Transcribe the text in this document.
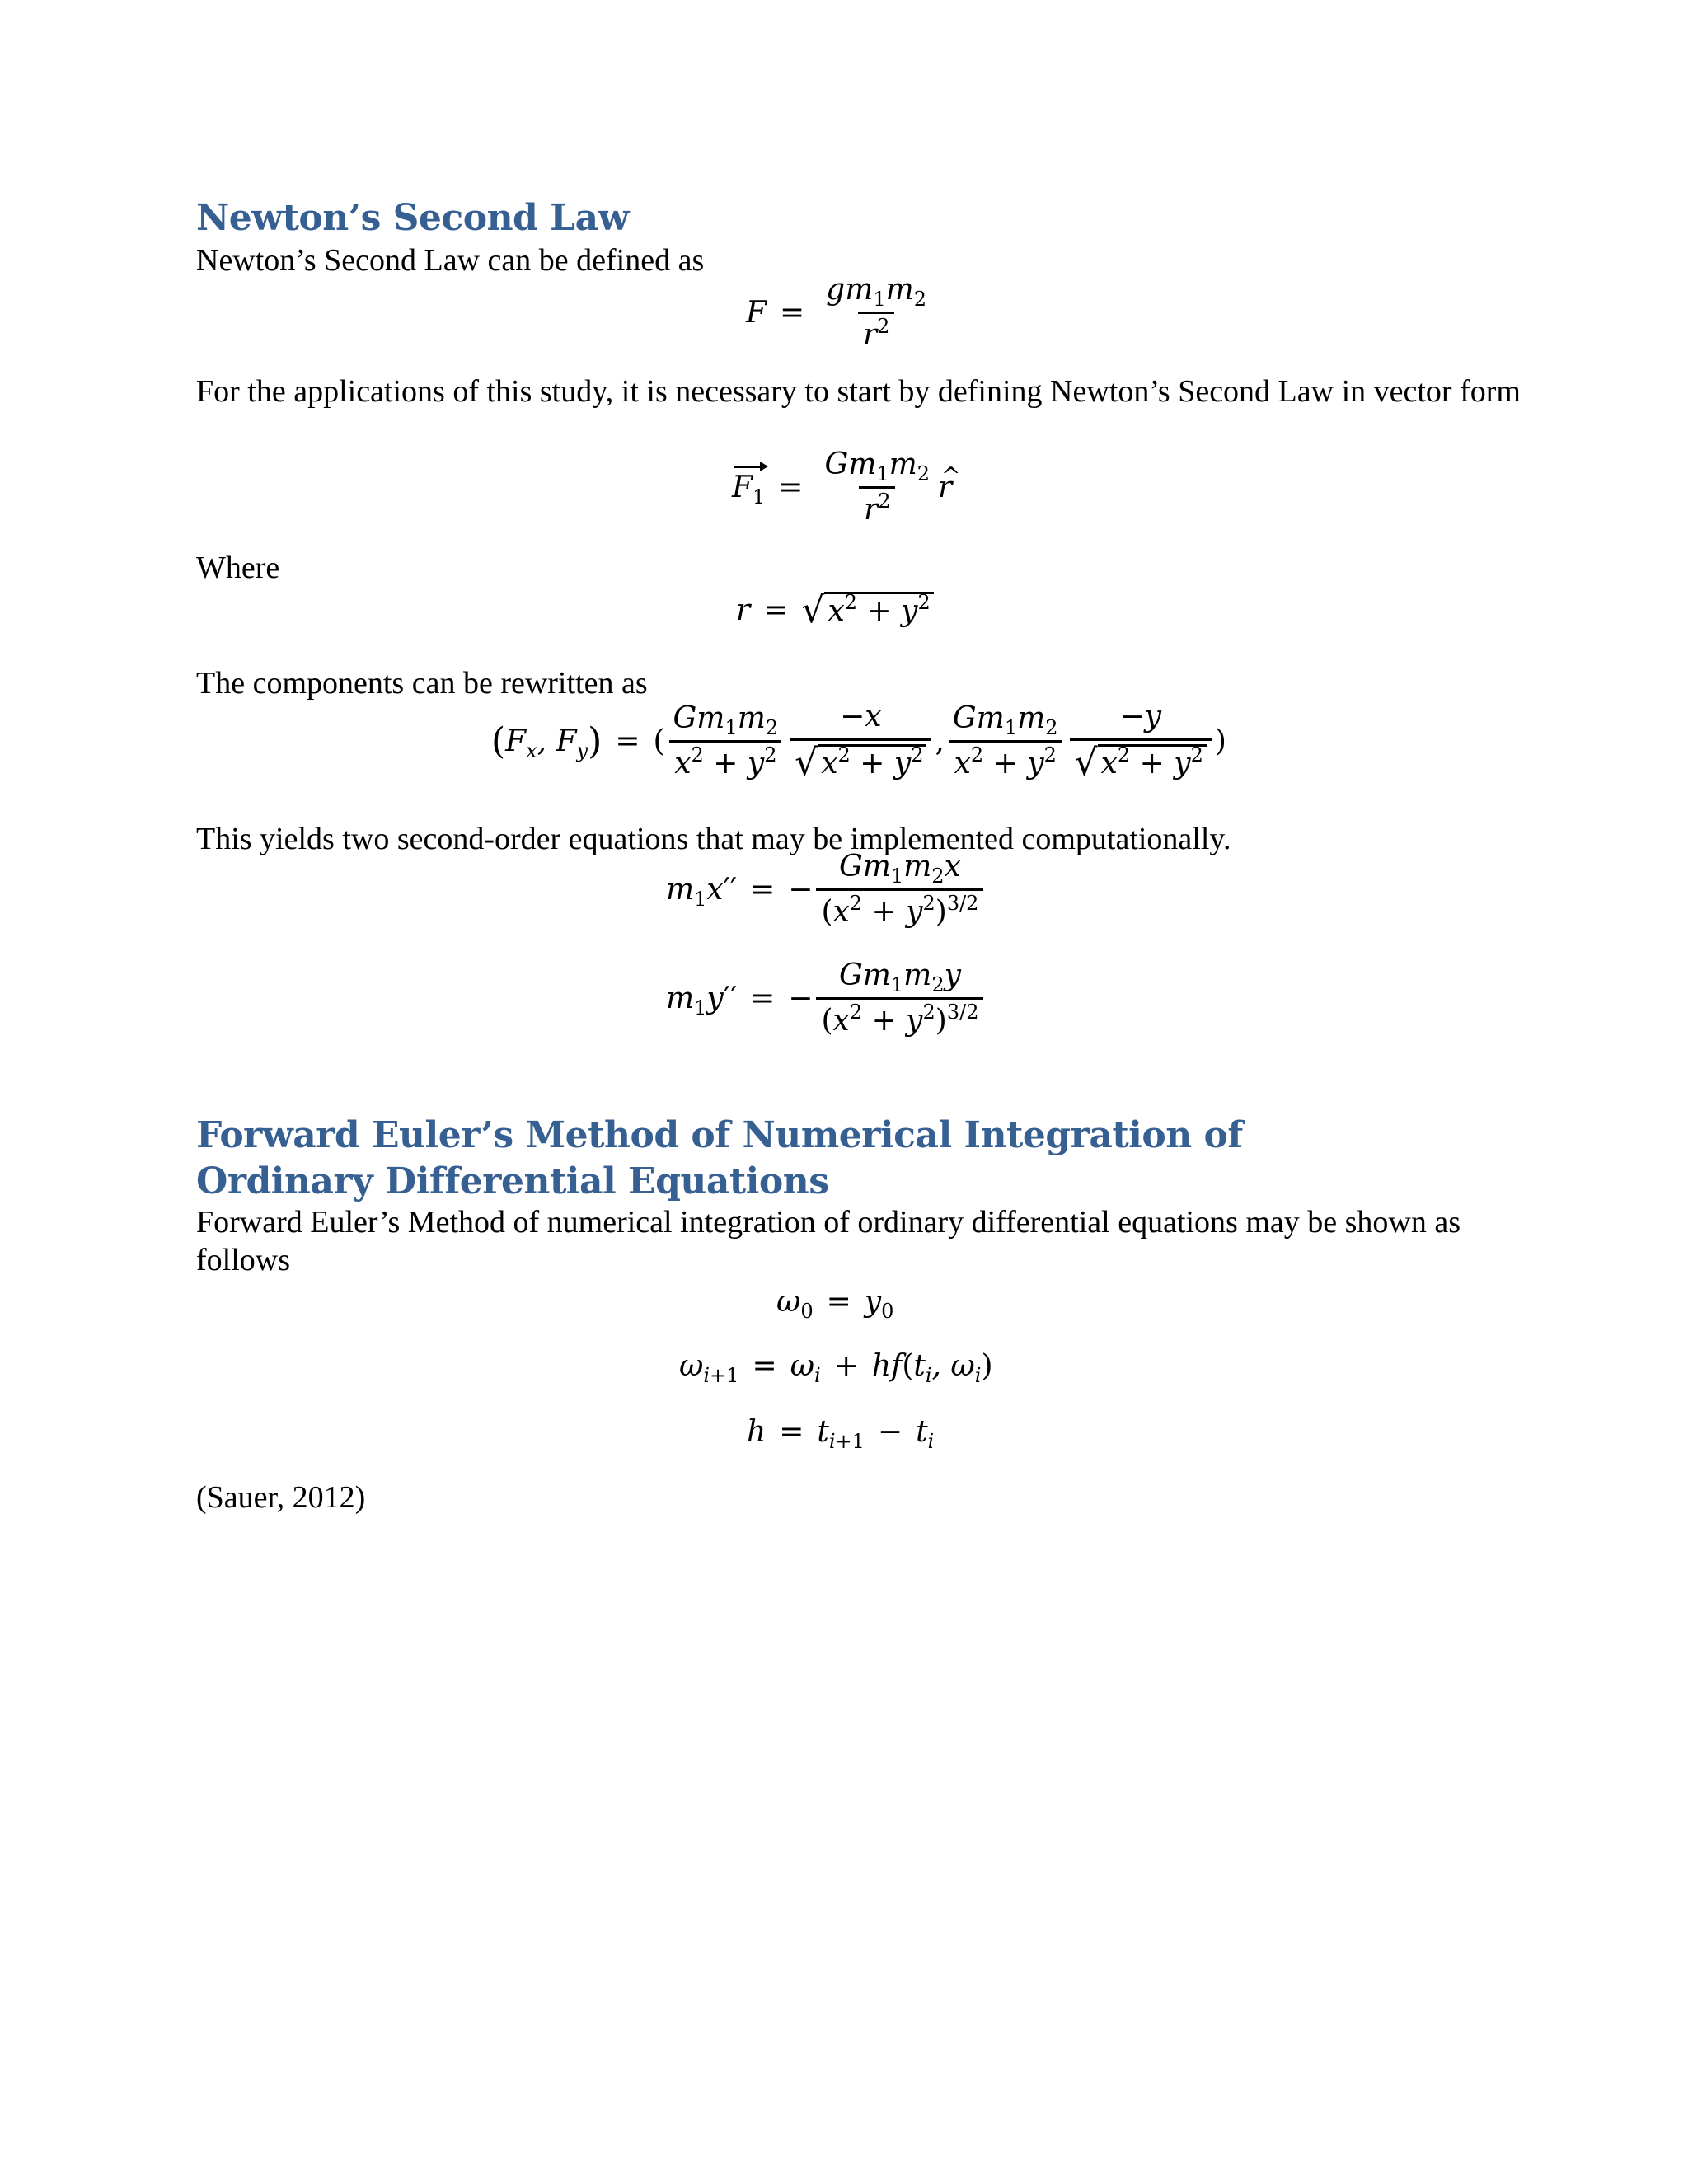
Newton’s Second Law
Newton’s Second Law can be defined as
$F = \frac{gm_1m_2}{r^2}$
For the applications of this study, it is necessary to start by defining Newton’s Second Law in vector form
$F_1 = \frac{Gm_1m_2}{r^2}$
^ r
Where
r = √ $x^2 + y^2$
The components can be rewritten as
( $F_x$, $F_y$ ) = ( $\frac{Gm_1m_2}{x^2 + y^2} \frac{-x}{√ x^2 + y^2}$ , $\frac{Gm_1m_2}{x^2 + y^2} \frac{-y}{√ x^2 + y^2}$ )
This yields two second-order equations that may be implemented computationally.
$m_1x''$ = − $\frac{Gm_1m_2x}{(x^2 + y^2)^{3/2}}$
$m_1y''$ = − $\frac{Gm_1m_2y}{(x^2 + y^2)^{3/2}}$
Forward Euler’s Method of Numerical Integration of Ordinary Differential Equations
Forward Euler’s Method of numerical integration of ordinary differential equations may be shown as follows
$\omega_0 = y_0$
$\omega_{i+1} = \omega_i$ + hf ( $t_i$, $\omega_i$ )
$h = t_{i+1} - t_i$
(Sauer, 2012)
